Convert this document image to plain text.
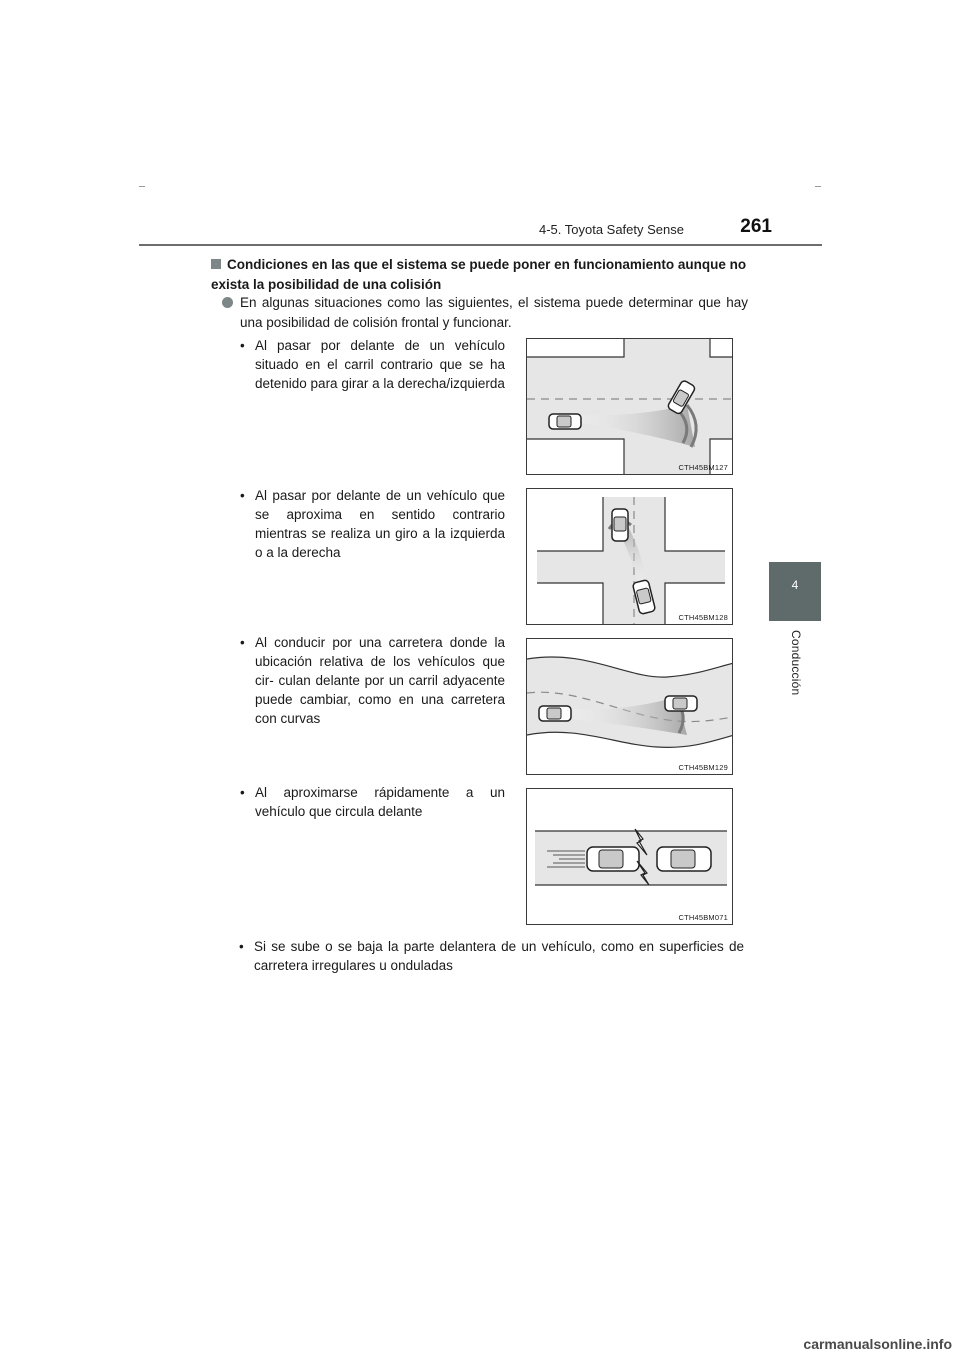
4-5. Toyota Safety Sense	261
4
Conducción
Condiciones en las que el sistema se puede poner en funcionamiento aunque no exista la posibilidad de una colisión
En algunas situaciones como las siguientes, el sistema puede determinar que hay una posibilidad de colisión frontal y funcionar.
• Al pasar por delante de un vehículo situado en el carril contrario que se ha detenido para girar a la derecha/izquierda
CTH45BM127
• Al pasar por delante de un vehículo que se aproxima en sentido contrario mientras se realiza un giro a la izquierda o a la derecha
CTH45BM128
• Al conducir por una carretera donde la ubicación relativa de los vehículos que cir- culan delante por un carril adyacente puede cambiar, como en una carretera con curvas
CTH45BM129
• Al aproximarse rápidamente a un vehículo que circula delante
CTH45BM071
• Si se sube o se baja la parte delantera de un vehículo, como en superficies de carretera irregulares u onduladas
carmanualsonline.info
